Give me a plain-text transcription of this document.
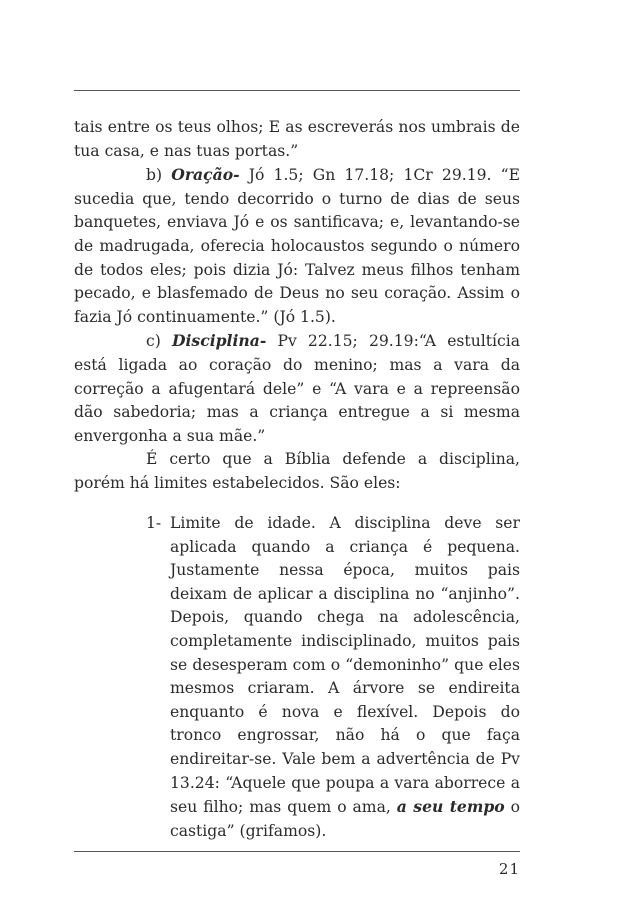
tais entre os teus olhos; E as escreverás nos umbrais de tua casa, e nas tuas portas.”

b) Oração- Jó 1.5; Gn 17.18; 1Cr 29.19. “E sucedia que, tendo decorrido o turno de dias de seus banquetes, enviava Jó e os santificava; e, levantando-se de madrugada, oferecia holocaustos segundo o número de todos eles; pois dizia Jó: Talvez meus filhos tenham pecado, e blasfemado de Deus no seu coração. Assim o fazia Jó continuamente.” (Jó 1.5).

c) Disciplina- Pv 22.15; 29.19:“A estultícia está ligada ao coração do menino; mas a vara da correção a afugentará dele” e “A vara e a repreensão dão sabedoria; mas a criança entregue a si mesma envergonha a sua mãe.”

É certo que a Bíblia defende a disciplina, porém há limites estabelecidos. São eles:

1- Limite de idade. A disciplina deve ser aplicada quando a criança é pequena. Justamente nessa época, muitos pais deixam de aplicar a disciplina no “anjinho”. Depois, quando chega na adolescência, completamente indisciplinado, muitos pais se desesperam com o “demoninho” que eles mesmos criaram. A árvore se endireita enquanto é nova e flexível. Depois do tronco engrossar, não há o que faça endireitar-se. Vale bem a advertência de Pv 13.24: “Aquele que poupa a vara aborrece a seu filho; mas quem o ama, a seu tempo o castiga” (grifamos).
21
